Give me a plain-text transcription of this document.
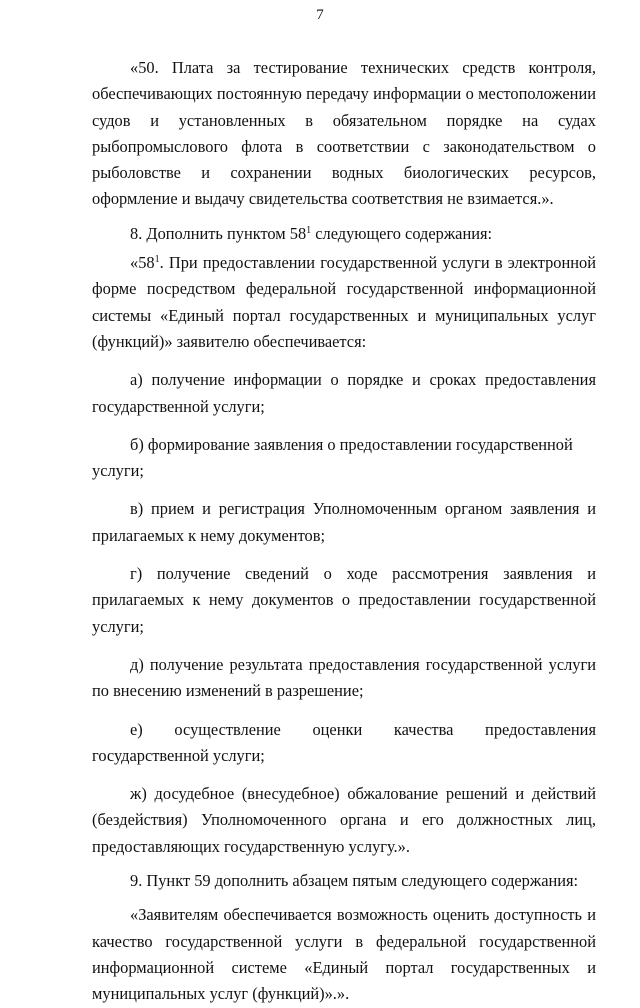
7

«50. Плата за тестирование технических средств контроля, обеспечивающих постоянную передачу информации о местоположении судов и установленных в обязательном порядке на судах рыбопромыслового флота в соответствии с законодательством о рыболовстве и сохранении водных биологических ресурсов, оформление и выдачу свидетельства соответствия не взимается.».

8. Дополнить пунктом $58^1$ следующего содержания:

«$58^1$. При предоставлении государственной услуги в электронной форме посредством федеральной государственной информационной системы «Единый портал государственных и муниципальных услуг (функций)» заявителю обеспечивается:

а) получение информации о порядке и сроках предоставления государственной услуги;

б) формирование заявления о предоставлении государственной услуги;

в) прием и регистрация Уполномоченным органом заявления и прилагаемых к нему документов;

г) получение сведений о ходе рассмотрения заявления и прилагаемых к нему документов о предоставлении государственной услуги;

д) получение результата предоставления государственной услуги по внесению изменений в разрешение;

е) осуществление оценки качества предоставления государственной услуги;

ж) досудебное (внесудебное) обжалование решений и действий (бездействия) Уполномоченного органа и его должностных лиц, предоставляющих государственную услугу.».

9. Пункт 59 дополнить абзацем пятым следующего содержания:

«Заявителям обеспечивается возможность оценить доступность и качество государственной услуги в федеральной государственной информационной системе «Единый портал государственных и муниципальных услуг (функций)».».
